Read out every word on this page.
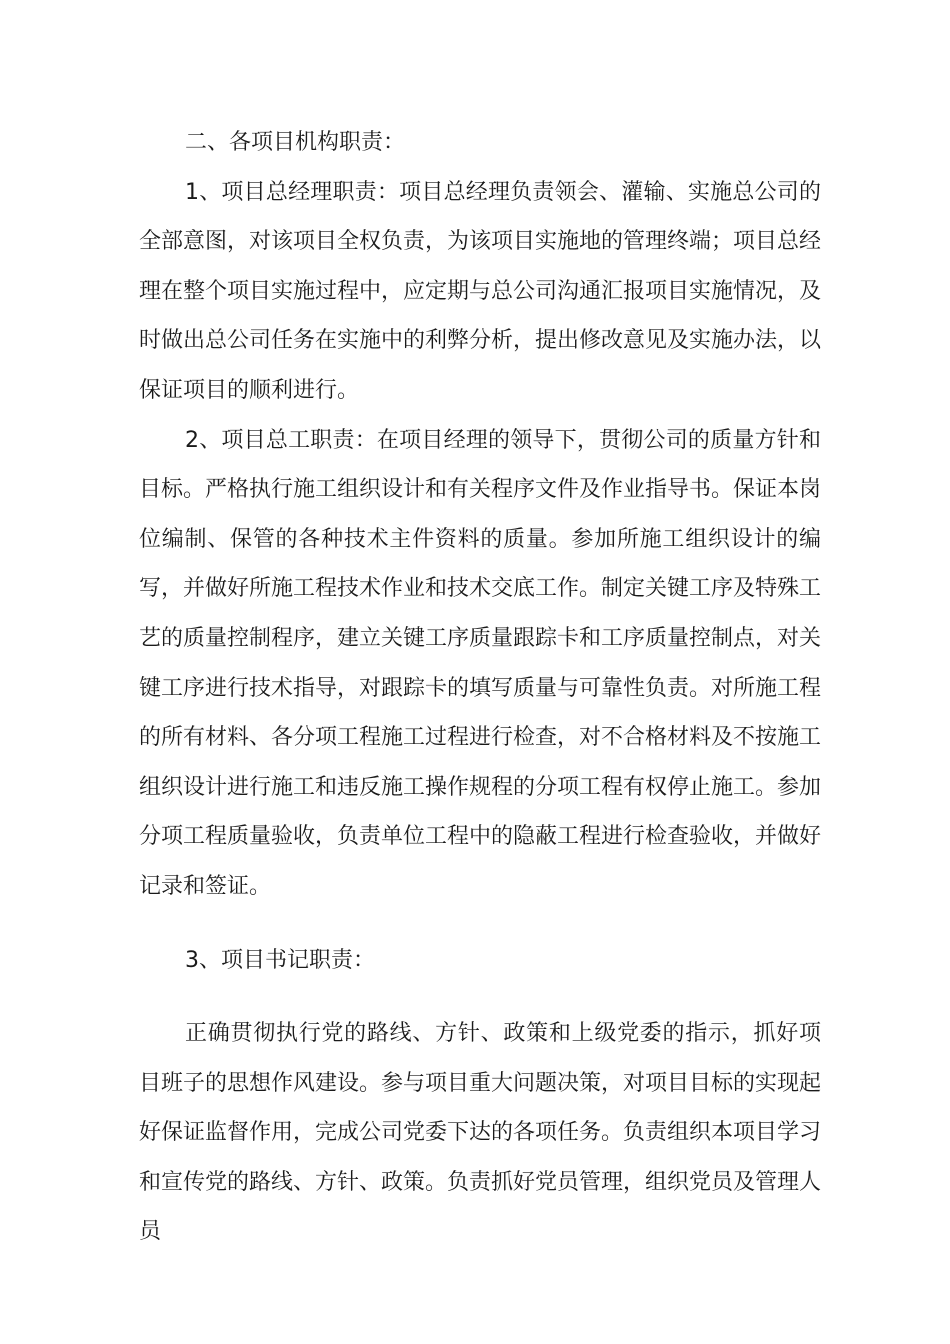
二、各项目机构职责：

1、项目总经理职责：项目总经理负责领会、灌输、实施总公司的全部意图，对该项目全权负责，为该项目实施地的管理终端；项目总经理在整个项目实施过程中，应定期与总公司沟通汇报项目实施情况，及时做出总公司任务在实施中的利弊分析，提出修改意见及实施办法，以保证项目的顺利进行。

2、项目总工职责：在项目经理的领导下，贯彻公司的质量方针和目标。严格执行施工组织设计和有关程序文件及作业指导书。保证本岗位编制、保管的各种技术主件资料的质量。参加所施工组织设计的编写，并做好所施工程技术作业和技术交底工作。制定关键工序及特殊工艺的质量控制程序，建立关键工序质量跟踪卡和工序质量控制点，对关键工序进行技术指导，对跟踪卡的填写质量与可靠性负责。对所施工程的所有材料、各分项工程施工过程进行检查，对不合格材料及不按施工组织设计进行施工和违反施工操作规程的分项工程有权停止施工。参加分项工程质量验收，负责单位工程中的隐蔽工程进行检查验收，并做好记录和签证。

3、项目书记职责：

正确贯彻执行党的路线、方针、政策和上级党委的指示，抓好项目班子的思想作风建设。参与项目重大问题决策，对项目目标的实现起好保证监督作用，完成公司党委下达的各项任务。负责组织本项目学习和宣传党的路线、方针、政策。负责抓好党员管理，组织党员及管理人员
